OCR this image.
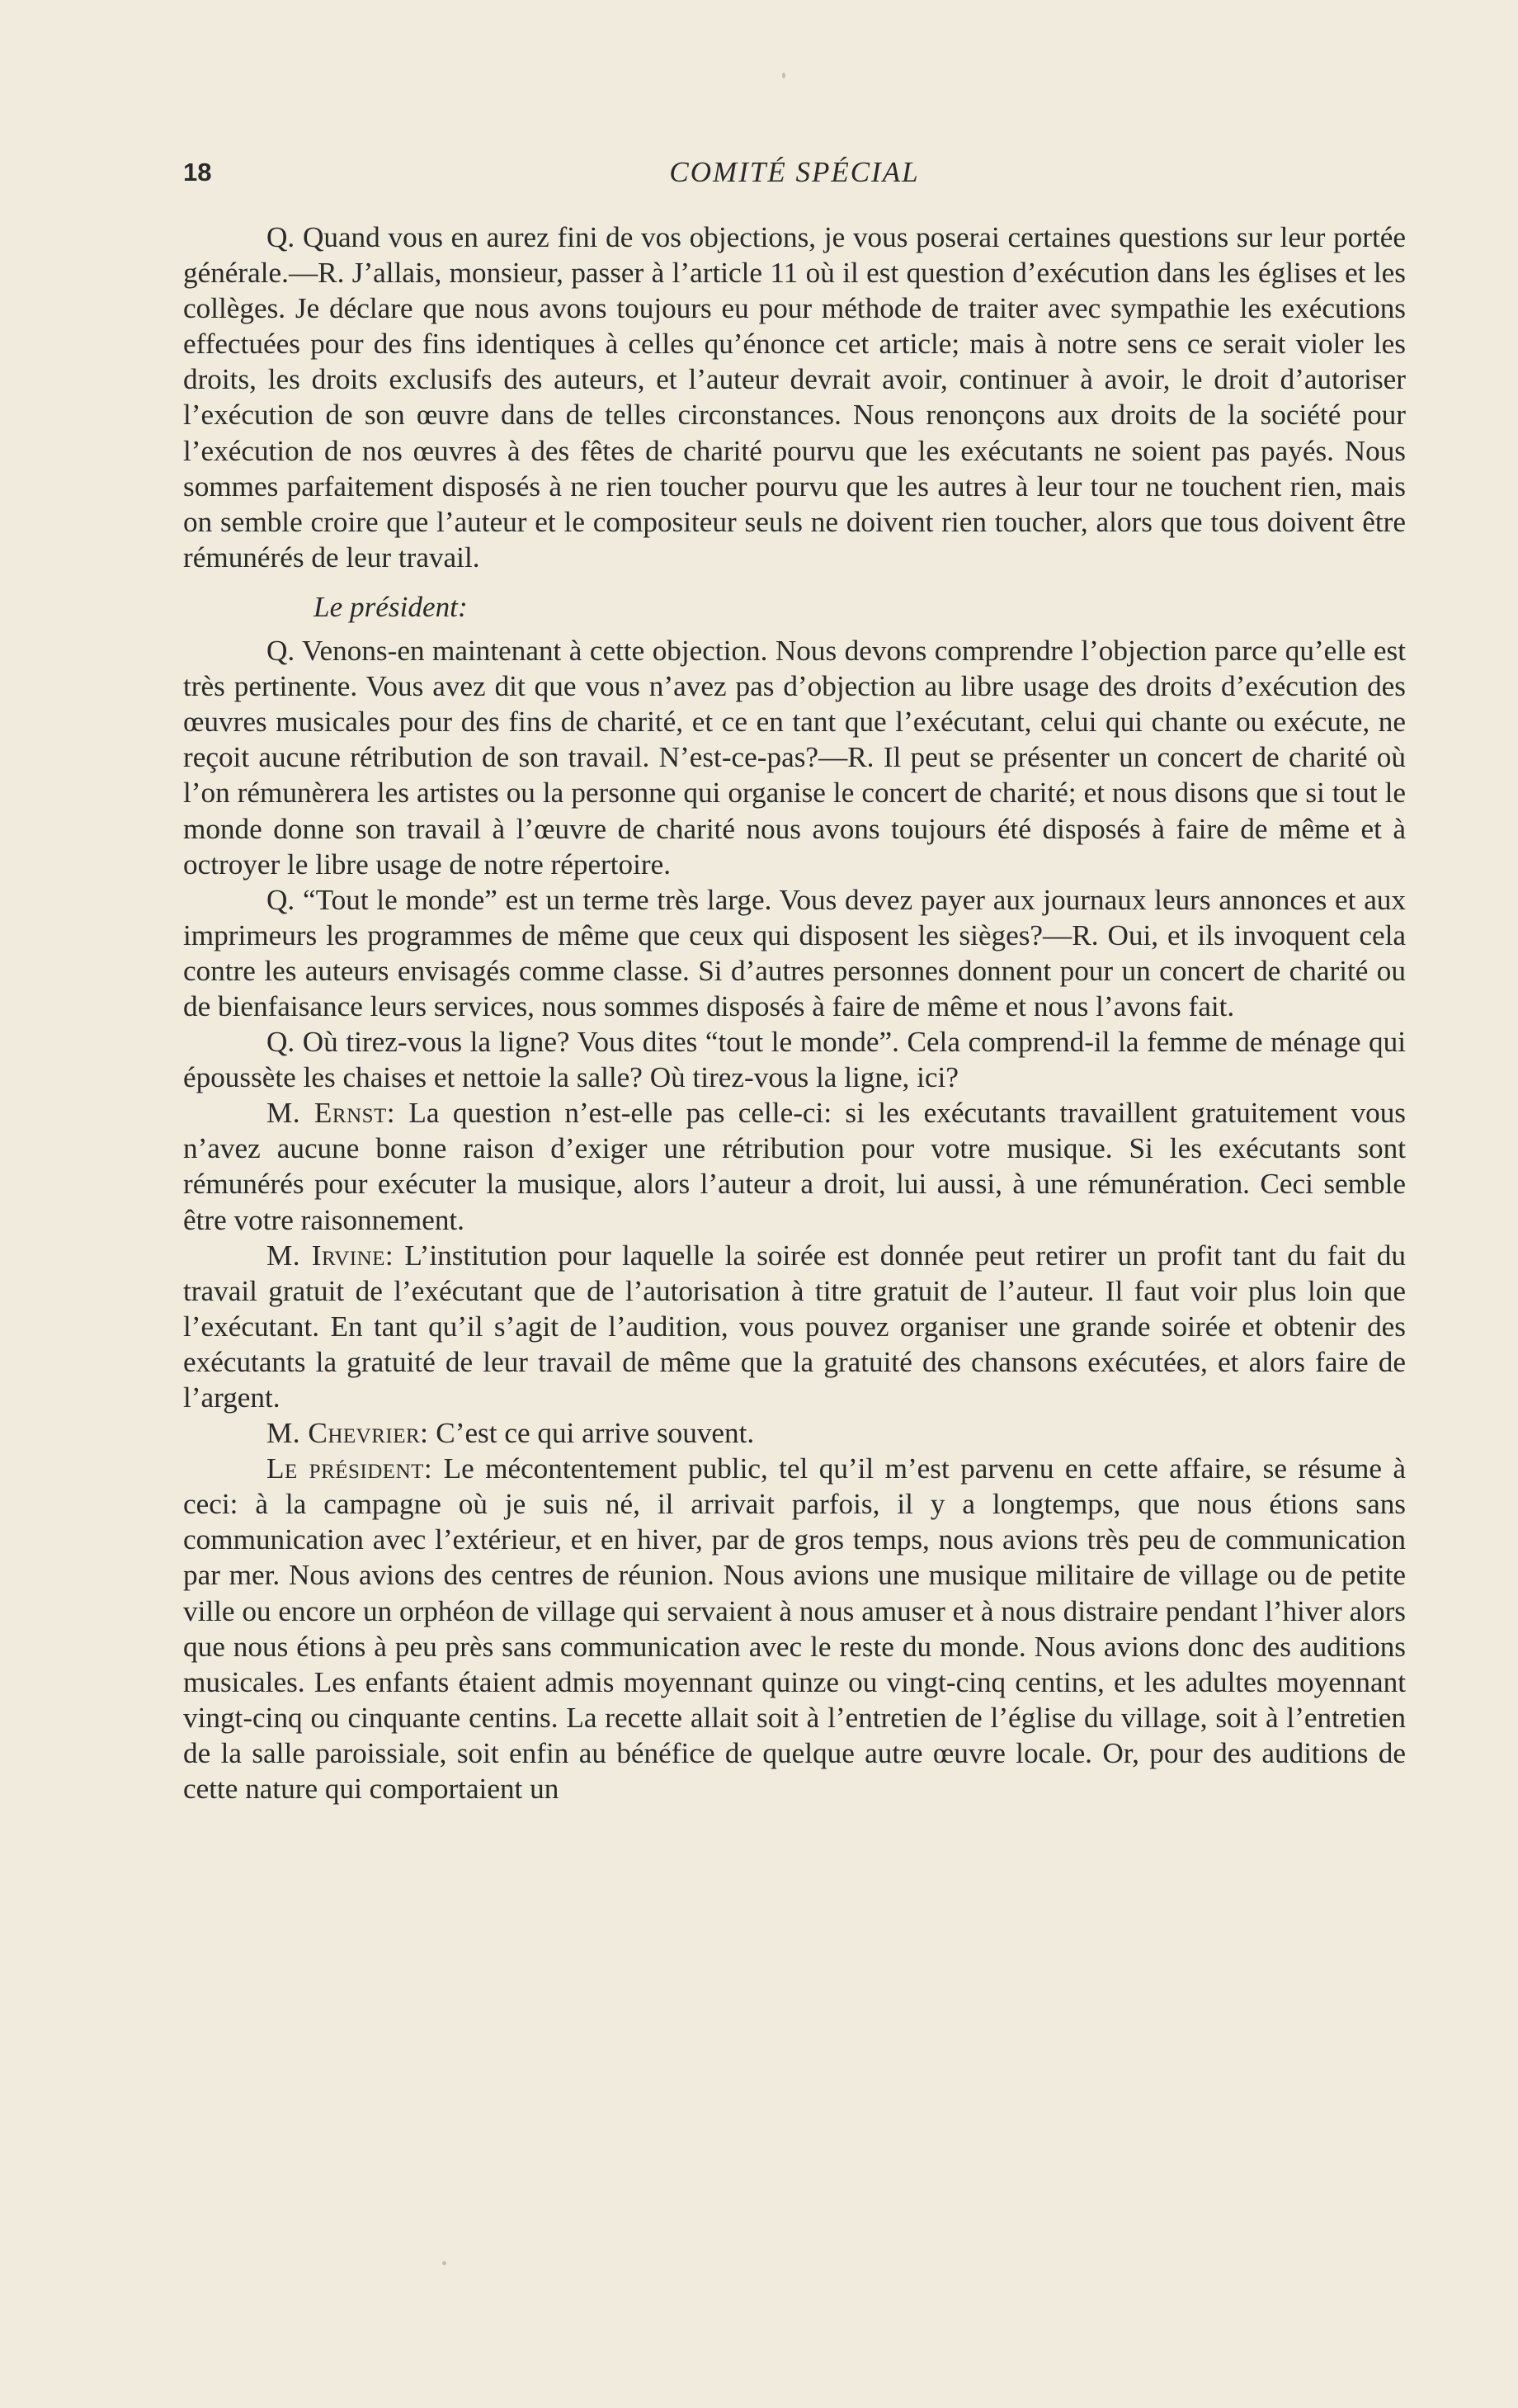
18	COMITÉ SPÉCIAL

Q. Quand vous en aurez fini de vos objections, je vous poserai certaines questions sur leur portée générale.—R. J’allais, monsieur, passer à l’article 11 où il est question d’exécution dans les églises et les collèges. Je déclare que nous avons toujours eu pour méthode de traiter avec sympathie les exécutions effectuées pour des fins identiques à celles qu’énonce cet article; mais à notre sens ce serait violer les droits, les droits exclusifs des auteurs, et l’auteur devrait avoir, continuer à avoir, le droit d’autoriser l’exécution de son œuvre dans de telles circonstances. Nous renonçons aux droits de la société pour l’exécution de nos œuvres à des fêtes de charité pourvu que les exécutants ne soient pas payés. Nous sommes parfaitement disposés à ne rien toucher pourvu que les autres à leur tour ne touchent rien, mais on semble croire que l’auteur et le compositeur seuls ne doivent rien toucher, alors que tous doivent être rémunérés de leur travail.

Le président:

Q. Venons-en maintenant à cette objection. Nous devons comprendre l’objection parce qu’elle est très pertinente. Vous avez dit que vous n’avez pas d’objection au libre usage des droits d’exécution des œuvres musicales pour des fins de charité, et ce en tant que l’exécutant, celui qui chante ou exécute, ne reçoit aucune rétribution de son travail. N’est-ce-pas?—R. Il peut se présenter un concert de charité où l’on rémunèrera les artistes ou la personne qui organise le concert de charité; et nous disons que si tout le monde donne son travail à l’œuvre de charité nous avons toujours été disposés à faire de même et à octroyer le libre usage de notre répertoire.

Q. “Tout le monde” est un terme très large. Vous devez payer aux journaux leurs annonces et aux imprimeurs les programmes de même que ceux qui disposent les sièges?—R. Oui, et ils invoquent cela contre les auteurs envisagés comme classe. Si d’autres personnes donnent pour un concert de charité ou de bienfaisance leurs services, nous sommes disposés à faire de même et nous l’avons fait.

Q. Où tirez-vous la ligne? Vous dites “tout le monde”. Cela comprend-il la femme de ménage qui époussète les chaises et nettoie la salle? Où tirez-vous la ligne, ici?

M. Ernst: La question n’est-elle pas celle-ci: si les exécutants travaillent gratuitement vous n’avez aucune bonne raison d’exiger une rétribution pour votre musique. Si les exécutants sont rémunérés pour exécuter la musique, alors l’auteur a droit, lui aussi, à une rémunération. Ceci semble être votre raisonnement.

M. Irvine: L’institution pour laquelle la soirée est donnée peut retirer un profit tant du fait du travail gratuit de l’exécutant que de l’autorisation à titre gratuit de l’auteur. Il faut voir plus loin que l’exécutant. En tant qu’il s’agit de l’audition, vous pouvez organiser une grande soirée et obtenir des exécutants la gratuité de leur travail de même que la gratuité des chansons exécutées, et alors faire de l’argent.

M. Chevrier: C’est ce qui arrive souvent.

Le président: Le mécontentement public, tel qu’il m’est parvenu en cette affaire, se résume à ceci: à la campagne où je suis né, il arrivait parfois, il y a longtemps, que nous étions sans communication avec l’extérieur, et en hiver, par de gros temps, nous avions très peu de communication par mer. Nous avions des centres de réunion. Nous avions une musique militaire de village ou de petite ville ou encore un orphéon de village qui servaient à nous amuser et à nous distraire pendant l’hiver alors que nous étions à peu près sans communication avec le reste du monde. Nous avions donc des auditions musicales. Les enfants étaient admis moyennant quinze ou vingt-cinq centins, et les adultes moyennant vingt-cinq ou cinquante centins. La recette allait soit à l’entretien de l’église du village, soit à l’entretien de la salle paroissiale, soit enfin au bénéfice de quelque autre œuvre locale. Or, pour des auditions de cette nature qui comportaient un
